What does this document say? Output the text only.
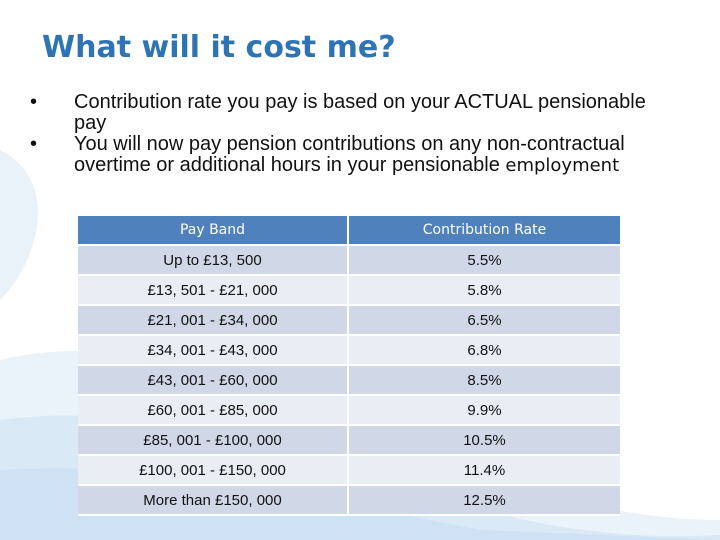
What will it cost me?
•	Contribution rate you pay is based on your ACTUAL pensionable pay
•	You will now pay pension contributions on any non-contractual overtime or additional hours in your pensionable employment
Pay Band	Contribution Rate
Up to £13, 500	5.5%
£13, 501 - £21, 000	5.8%
£21, 001 - £34, 000	6.5%
£34, 001 - £43, 000	6.8%
£43, 001 - £60, 000	8.5%
£60, 001 - £85, 000	9.9%
£85, 001 - £100, 000	10.5%
£100, 001 - £150, 000	11.4%
More than £150, 000	12.5%
